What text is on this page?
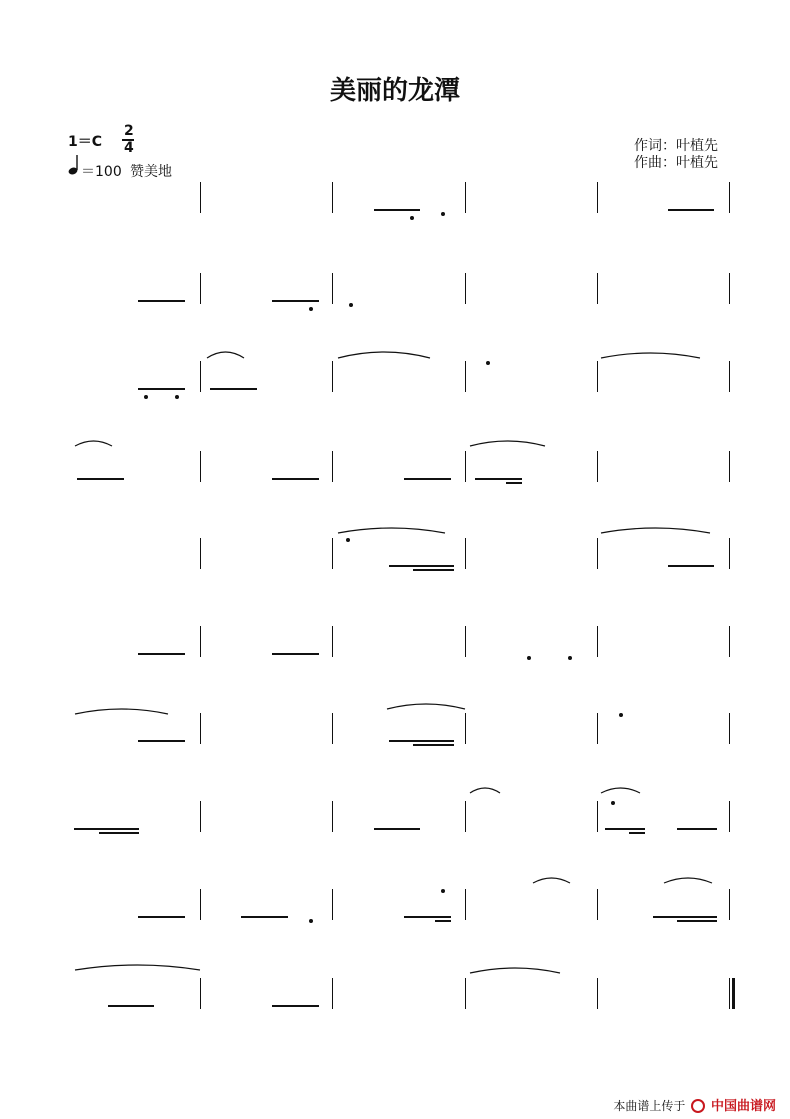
美丽的龙潭
1＝C
2
4
＝100 赞美地
作词：叶植先
作曲：叶植先
本曲谱上传于 中国曲谱网
